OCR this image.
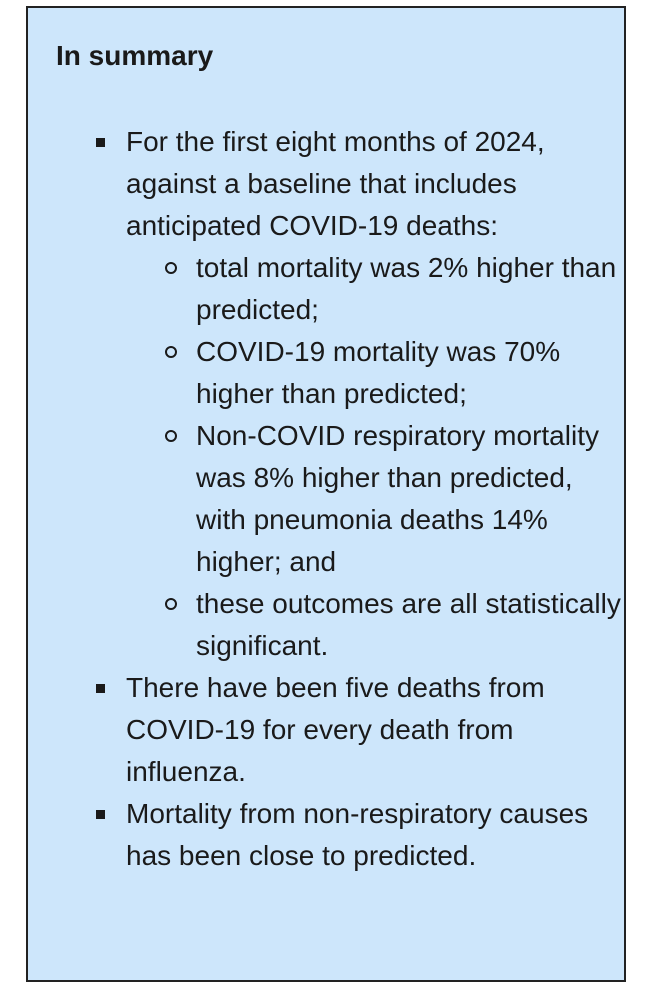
In summary
For the first eight months of 2024, against a baseline that includes anticipated COVID-19 deaths:
total mortality was 2% higher than predicted;
COVID-19 mortality was 70% higher than predicted;
Non-COVID respiratory mortality was 8% higher than predicted, with pneumonia deaths 14% higher; and
these outcomes are all statistically significant.
There have been five deaths from COVID-19 for every death from influenza.
Mortality from non-respiratory causes has been close to predicted.
